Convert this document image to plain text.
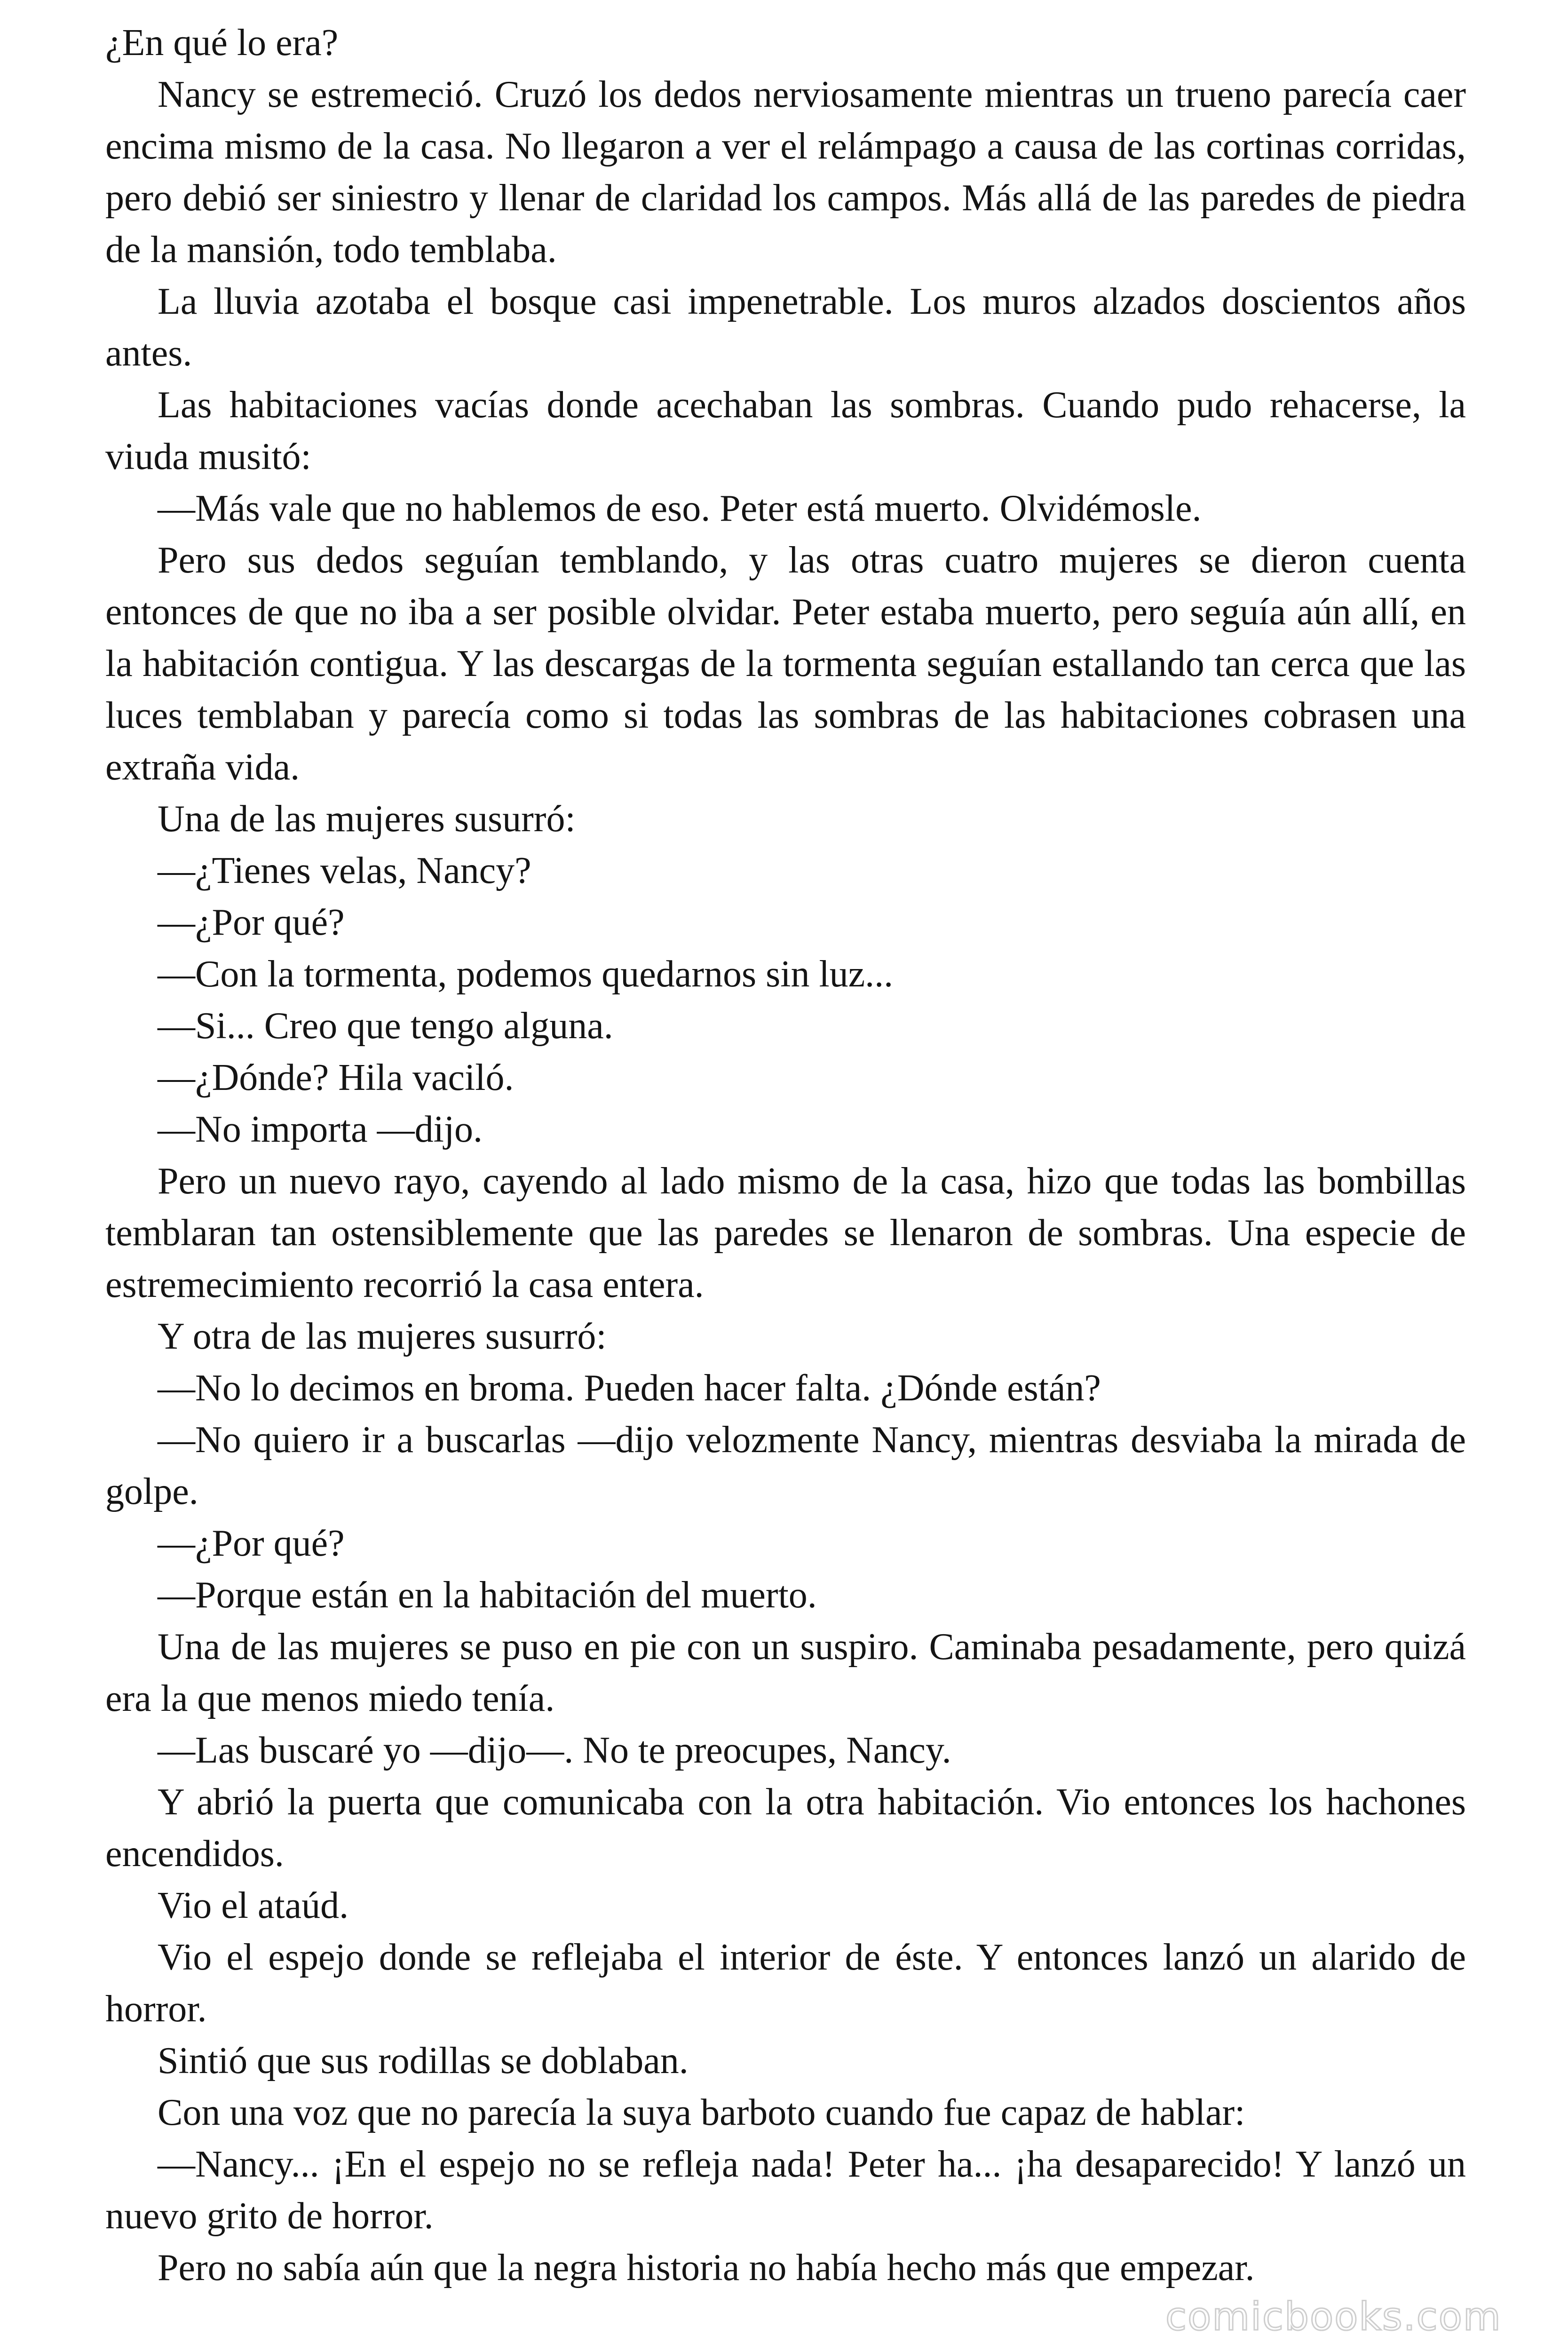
¿En qué lo era?

Nancy se estremeció. Cruzó los dedos nerviosamente mientras un trueno parecía caer encima mismo de la casa. No llegaron a ver el relámpago a causa de las cortinas corridas, pero debió ser siniestro y llenar de claridad los campos. Más allá de las paredes de piedra de la mansión, todo temblaba.

La lluvia azotaba el bosque casi impenetrable. Los muros alzados doscientos años antes.

Las habitaciones vacías donde acechaban las sombras. Cuando pudo rehacerse, la viuda musitó:

—Más vale que no hablemos de eso. Peter está muerto. Olvidémosle.

Pero sus dedos seguían temblando, y las otras cuatro mujeres se dieron cuenta entonces de que no iba a ser posible olvidar. Peter estaba muerto, pero seguía aún allí, en la habitación contigua. Y las descargas de la tormenta seguían estallando tan cerca que las luces temblaban y parecía como si todas las sombras de las habitaciones cobrasen una extraña vida.

Una de las mujeres susurró:

—¿Tienes velas, Nancy?

—¿Por qué?

—Con la tormenta, podemos quedarnos sin luz...

—Si... Creo que tengo alguna.

—¿Dónde? Hila vaciló.

—No importa —dijo.

Pero un nuevo rayo, cayendo al lado mismo de la casa, hizo que todas las bombillas temblaran tan ostensiblemente que las paredes se llenaron de sombras. Una especie de estremecimiento recorrió la casa entera.

Y otra de las mujeres susurró:

—No lo decimos en broma. Pueden hacer falta. ¿Dónde están?

—No quiero ir a buscarlas —dijo velozmente Nancy, mientras desviaba la mirada de golpe.

—¿Por qué?

—Porque están en la habitación del muerto.

Una de las mujeres se puso en pie con un suspiro. Caminaba pesadamente, pero quizá era la que menos miedo tenía.

—Las buscaré yo —dijo—. No te preocupes, Nancy.

Y abrió la puerta que comunicaba con la otra habitación. Vio entonces los hachones encendidos.

Vio el ataúd.

Vio el espejo donde se reflejaba el interior de éste. Y entonces lanzó un alarido de horror.

Sintió que sus rodillas se doblaban.

Con una voz que no parecía la suya barboto cuando fue capaz de hablar:

—Nancy... ¡En el espejo no se refleja nada! Peter ha... ¡ha desaparecido! Y lanzó un nuevo grito de horror.

Pero no sabía aún que la negra historia no había hecho más que empezar.

comicbooks.com
